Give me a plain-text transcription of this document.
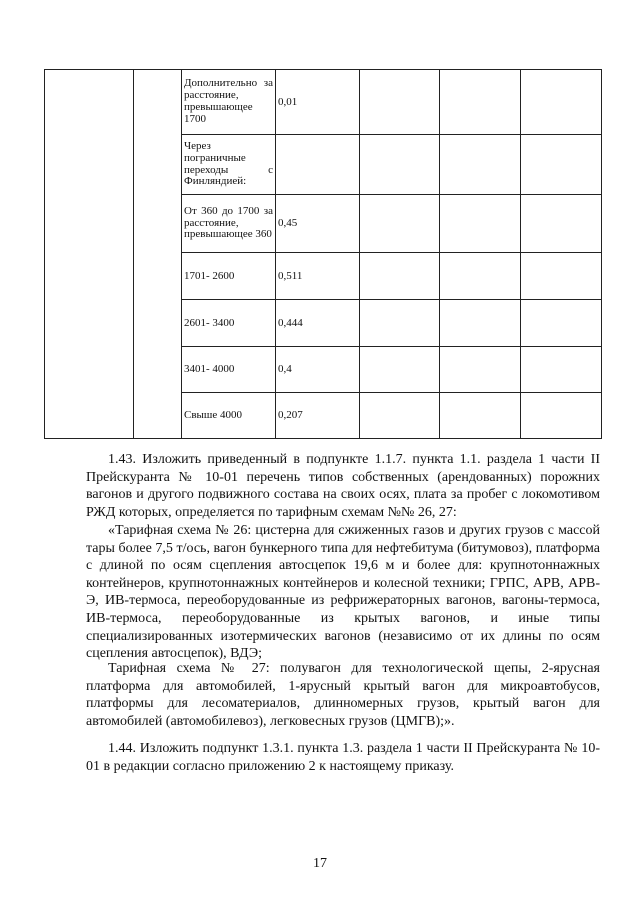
		Дополнительно за расстояние, превышающее 1700	0,01			
		Через пограничные переходы с Финляндией:				
		От 360 до 1700 за расстояние, превышающее 360	0,45			
		1701- 2600	0,511			
		2601- 3400	0,444			
		3401- 4000	0,4			
		Свыше 4000	0,207			

1.43. Изложить приведенный в подпункте 1.1.7. пункта 1.1. раздела 1 части II Прейскуранта № 10-01 перечень типов собственных (арендованных) порожних вагонов и другого подвижного состава на своих осях, плата за пробег с локомотивом РЖД которых, определяется по тарифным схемам №№ 26, 27:

«Тарифная схема № 26: цистерна для сжиженных газов и других грузов с массой тары более 7,5 т/ось, вагон бункерного типа для нефтебитума (битумовоз), платформа с длиной по осям сцепления автосцепок 19,6 м и более для: крупнотоннажных контейнеров, крупнотоннажных контейнеров и колесной техники; ГРПС, АРВ, АРВ-Э, ИВ-термоса, переоборудованные из рефрижераторных вагонов, вагоны-термоса, ИВ-термоса, переоборудованные из крытых вагонов, и иные типы специализированных изотермических вагонов (независимо от их длины по осям сцепления автосцепок), ВДЭ;

Тарифная схема № 27: полувагон для технологической щепы, 2-ярусная платформа для автомобилей, 1-ярусный крытый вагон для микроавтобусов, платформы для лесоматериалов, длинномерных грузов, крытый вагон для автомобилей (автомобилевоз), легковесных грузов (ЦМГВ);».

1.44. Изложить подпункт 1.3.1. пункта 1.3. раздела 1 части II Прейскуранта № 10-01 в редакции согласно приложению 2 к настоящему приказу.

17
